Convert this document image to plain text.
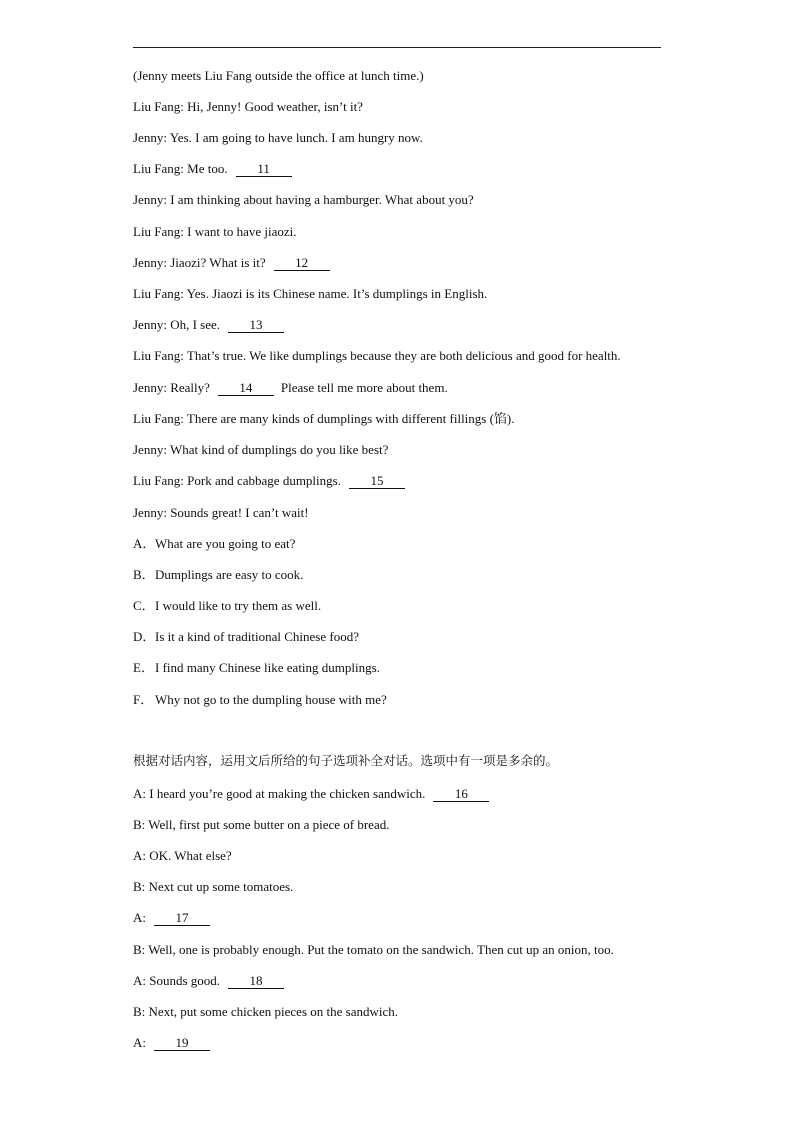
(Jenny meets Liu Fang outside the office at lunch time.)
Liu Fang: Hi, Jenny! Good weather, isn’t it?
Jenny: Yes. I am going to have lunch. I am hungry now.
Liu Fang: Me too. 11
Jenny: I am thinking about having a hamburger. What about you?
Liu Fang: I want to have jiaozi.
Jenny: Jiaozi? What is it? 12
Liu Fang: Yes. Jiaozi is its Chinese name. It’s dumplings in English.
Jenny: Oh, I see. 13
Liu Fang: That’s true. We like dumplings because they are both delicious and good for health.
Jenny: Really? 14 Please tell me more about them.
Liu Fang: There are many kinds of dumplings with different fillings (馅).
Jenny: What kind of dumplings do you like best?
Liu Fang: Pork and cabbage dumplings. 15
Jenny: Sounds great! I can’t wait!
A．What are you going to eat?
B．Dumplings are easy to cook.
C．I would like to try them as well.
D．Is it a kind of traditional Chinese food?
E．I find many Chinese like eating dumplings.
F． Why not go to the dumpling house with me?
根据对话内容，运用文后所给的句子选项补全对话。选项中有一项是多余的。
A: I heard you’re good at making the chicken sandwich. 16
B: Well, first put some butter on a piece of bread.
A: OK. What else?
B: Next cut up some tomatoes.
A: 17
B: Well, one is probably enough. Put the tomato on the sandwich. Then cut up an onion, too.
A: Sounds good. 18
B: Next, put some chicken pieces on the sandwich.
A: 19
